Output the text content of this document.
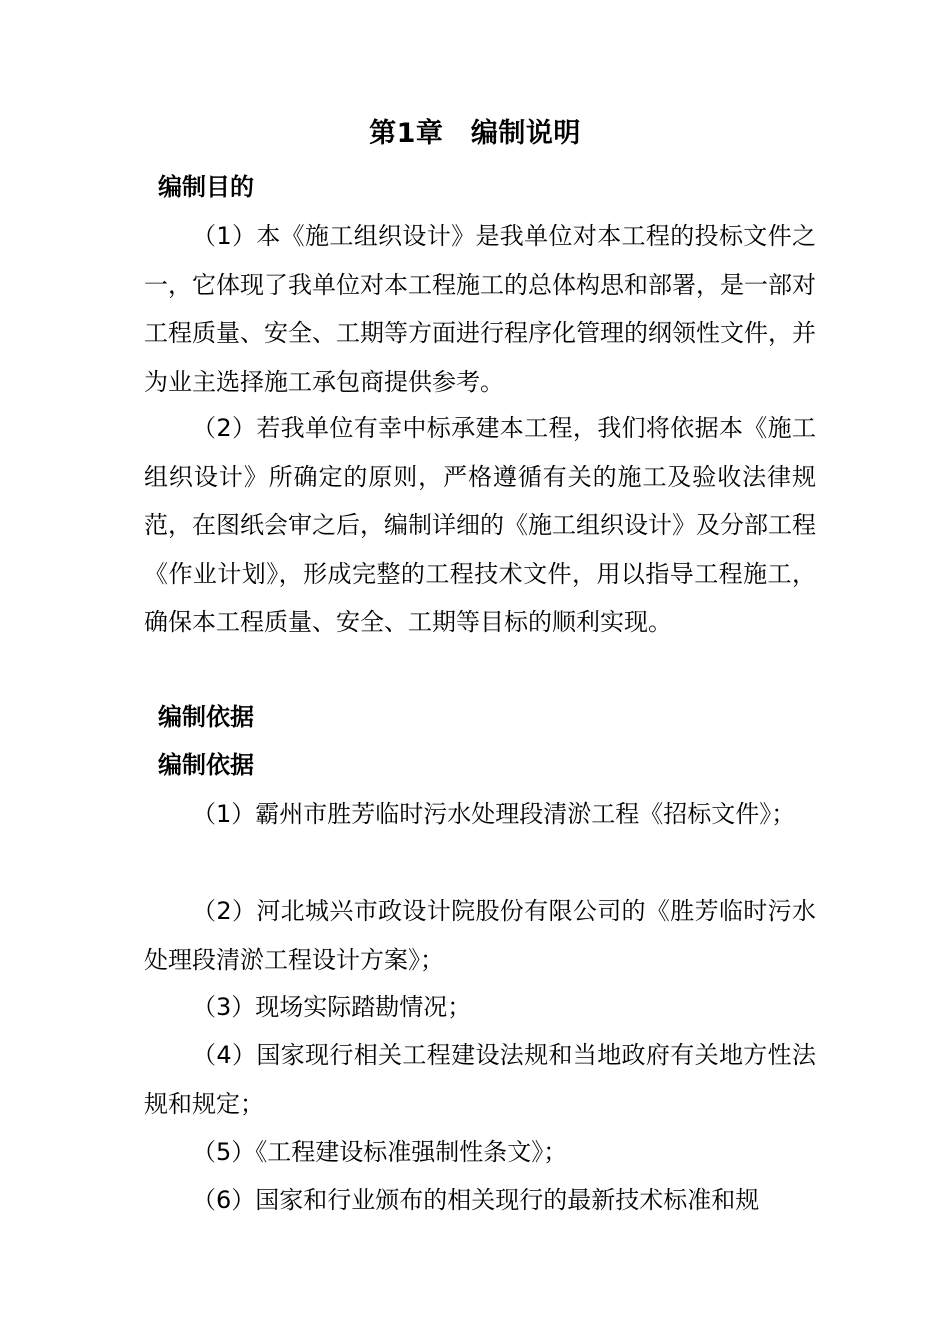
第1章　编制说明
编制目的
（1）本《施工组织设计》是我单位对本工程的投标文件之一，它体现了我单位对本工程施工的总体构思和部署，是一部对工程质量、安全、工期等方面进行程序化管理的纲领性文件，并为业主选择施工承包商提供参考。
（2）若我单位有幸中标承建本工程，我们将依据本《施工组织设计》所确定的原则，严格遵循有关的施工及验收法律规范，在图纸会审之后，编制详细的《施工组织设计》及分部工程《作业计划》，形成完整的工程技术文件，用以指导工程施工，确保本工程质量、安全、工期等目标的顺利实现。
编制依据
编制依据
（1）霸州市胜芳临时污水处理段清淤工程《招标文件》；
（2）河北城兴市政设计院股份有限公司的《胜芳临时污水处理段清淤工程设计方案》；
（3）现场实际踏勘情况；
（4）国家现行相关工程建设法规和当地政府有关地方性法规和规定；
（5）《工程建设标准强制性条文》；
（6）国家和行业颁布的相关现行的最新技术标准和规
